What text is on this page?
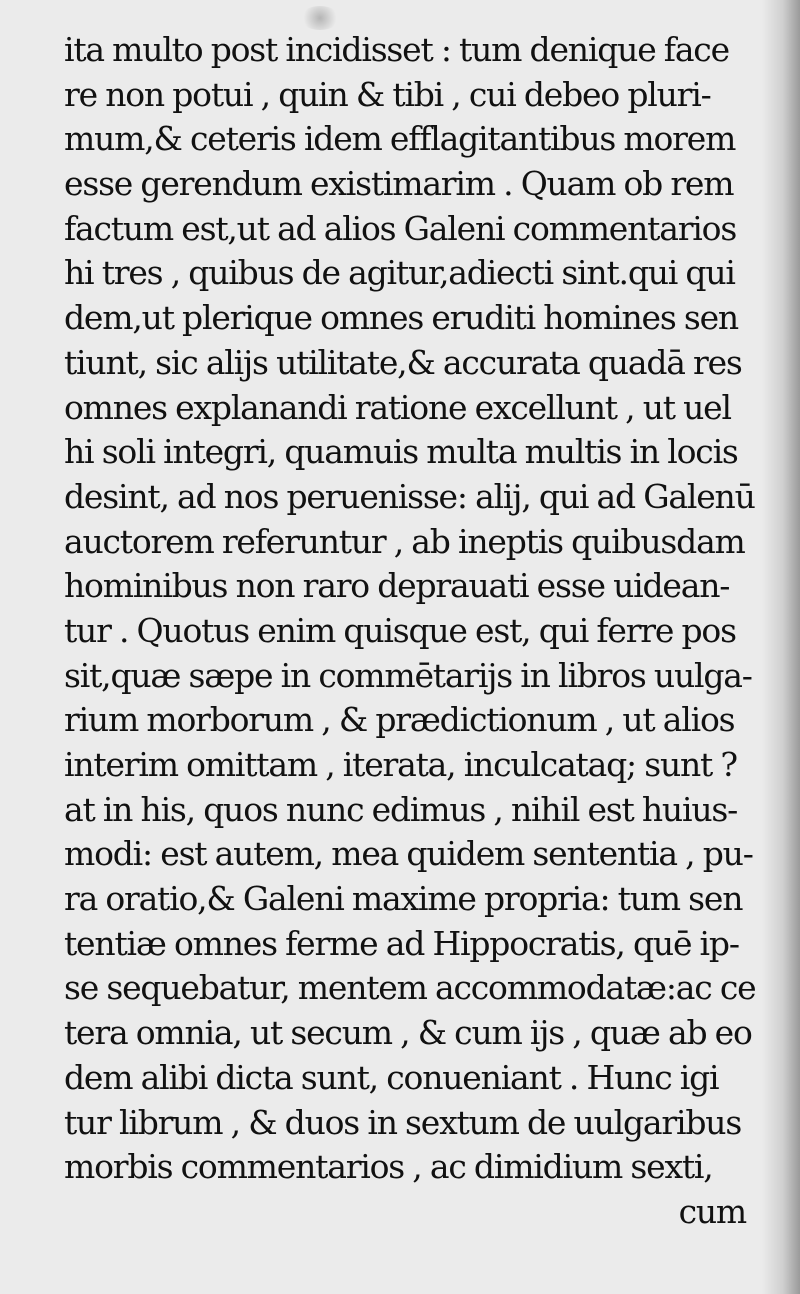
ita multo post incidisset : tum denique face
re non potui , quin & tibi , cui debeo pluri-
mum,& ceteris idem efflagitantibus morem
esse gerendum existimarim . Quam ob rem
factum est,ut ad alios Galeni commentarios
hi tres , quibus de agitur,adiecti sint.qui qui
dem,ut plerique omnes eruditi homines sen
tiunt, sic alijs utilitate,& accurata quadā res
omnes explanandi ratione excellunt , ut uel
hi soli integri, quamuis multa multis in locis
desint, ad nos peruenisse: alij, qui ad Galenū
auctorem referuntur , ab ineptis quibusdam
hominibus non raro deprauati esse uidean-
tur . Quotus enim quisque est, qui ferre pos
sit,quæ sæpe in commētarijs in libros uulga-
rium morborum , & prædictionum , ut alios
interim omittam , iterata, inculcataq; sunt ?
at in his, quos nunc edimus , nihil est huius-
modi: est autem, mea quidem sententia , pu-
ra oratio,& Galeni maxime propria: tum sen
tentiæ omnes ferme ad Hippocratis, quē ip-
se sequebatur, mentem accommodatæ:ac ce
tera omnia, ut secum , & cum ijs , quæ ab eo
dem alibi dicta sunt, conueniant . Hunc igi
tur librum , & duos in sextum de uulgaribus
morbis commentarios , ac dimidium sexti,
cum
